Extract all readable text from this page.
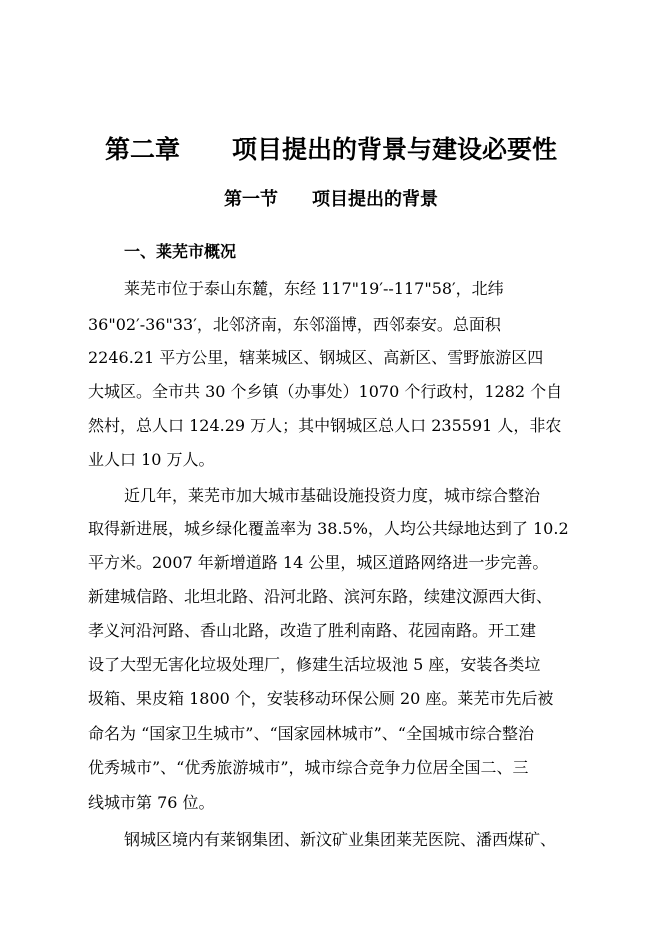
第二章 项目提出的背景与建设必要性
第一节 项目提出的背景
一、莱芜市概况
莱芜市位于泰山东麓，东经 117"19′--117"58′，北纬
36"02′-36"33′，北邻济南，东邻淄博，西邻泰安。总面积
2246.21 平方公里，辖莱城区、钢城区、高新区、雪野旅游区四
大城区。全市共 30 个乡镇（办事处）1070 个行政村，1282 个自
然村，总人口 124.29 万人；其中钢城区总人口 235591 人，非农
业人口 10 万人。
近几年，莱芜市加大城市基础设施投资力度，城市综合整治
取得新进展，城乡绿化覆盖率为 38.5%，人均公共绿地达到了 10.2
平方米。2007 年新增道路 14 公里，城区道路网络进一步完善。
新建城信路、北坦北路、沿河北路、滨河东路，续建汶源西大街、
孝义河沿河路、香山北路，改造了胜利南路、花园南路。开工建
设了大型无害化垃圾处理厂，修建生活垃圾池 5 座，安装各类垃
圾箱、果皮箱 1800 个，安装移动环保公厕 20 座。莱芜市先后被
命名为 “国家卫生城市”、“国家园林城市”、“全国城市综合整治
优秀城市”、“优秀旅游城市”，城市综合竞争力位居全国二、三
线城市第 76 位。
钢城区境内有莱钢集团、新汶矿业集团莱芜医院、潘西煤矿、
